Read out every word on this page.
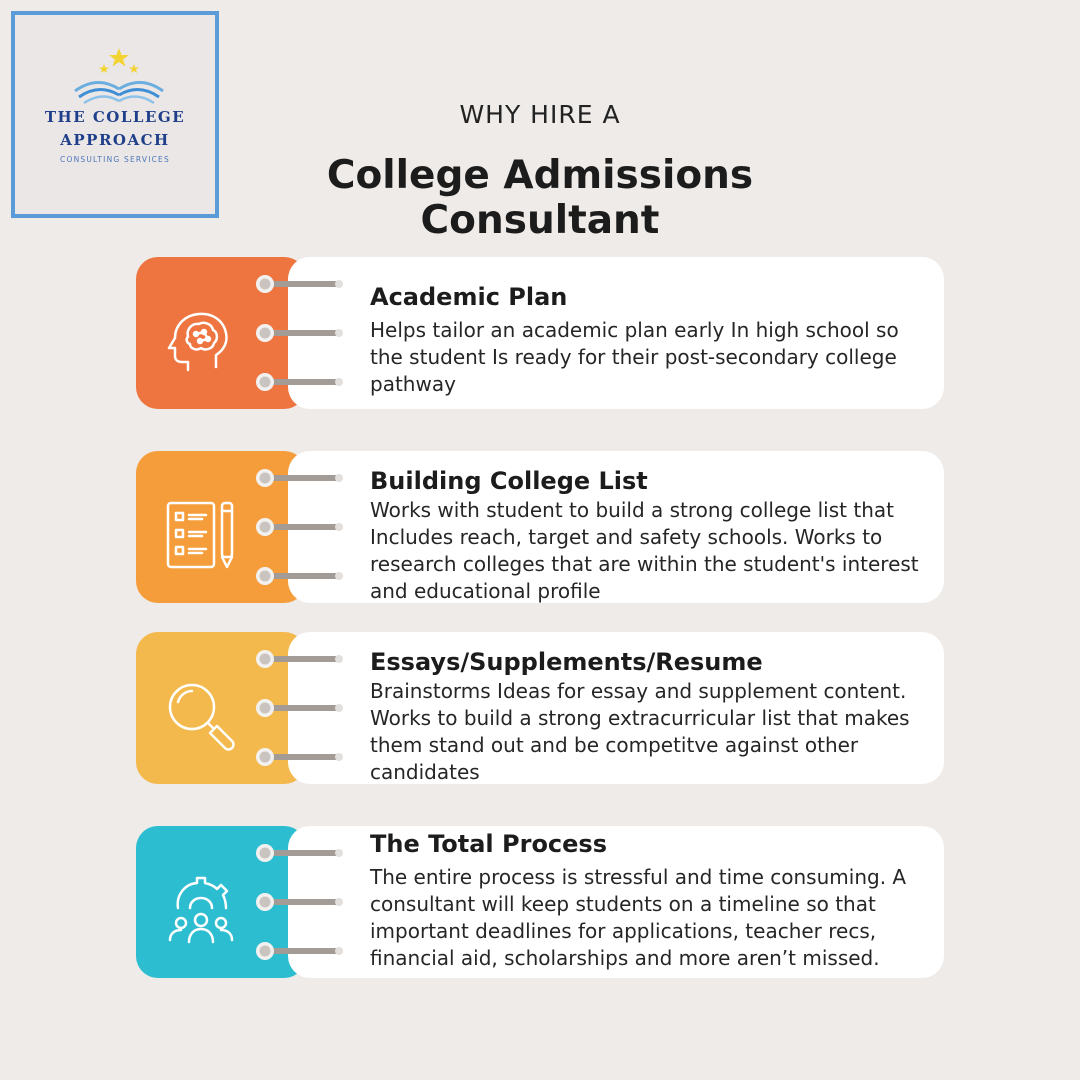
THE COLLEGE
APPROACH
CONSULTING SERVICES
WHY HIRE A
College Admissions Consultant
Academic Plan
Helps tailor an academic plan early In high school so the student Is ready for their post-secondary college pathway
Building College List
Works with student to build a strong college list that Includes reach, target and safety schools. Works to research colleges that are within the student's interest and educational profile
Essays/Supplements/Resume
Brainstorms Ideas for essay and supplement content. Works to build a strong extracurricular list that makes them stand out and be competitve against other candidates
The Total Process
The entire process is stressful and time consuming. A consultant will keep students on a timeline so that important deadlines for applications, teacher recs, financial aid, scholarships and more aren’t missed.
